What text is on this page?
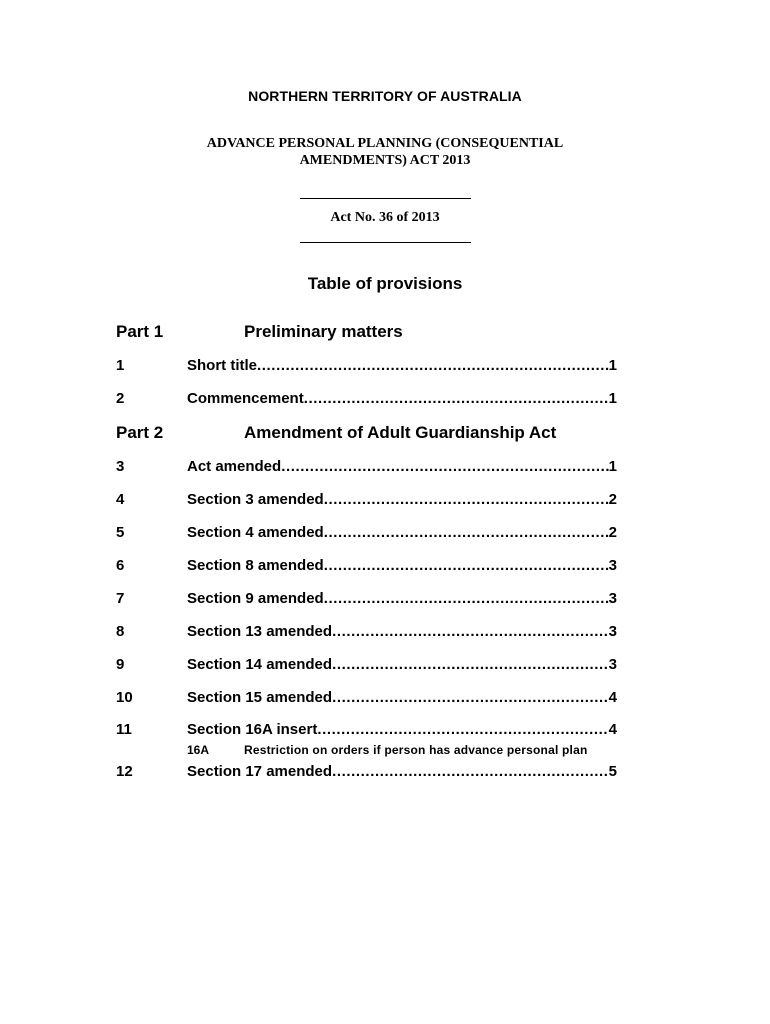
NORTHERN TERRITORY OF AUSTRALIA
ADVANCE PERSONAL PLANNING (CONSEQUENTIAL
AMENDMENTS) ACT 2013
Act No. 36 of 2013
Table of provisions
Part 1	Preliminary matters
1	Short title .....	1
2	Commencement .....	1
Part 2	Amendment of Adult Guardianship Act
3	Act amended .....	1
4	Section 3 amended .....	2
5	Section 4 amended .....	2
6	Section 8 amended .....	3
7	Section 9 amended .....	3
8	Section 13 amended .....	3
9	Section 14 amended .....	3
10	Section 15 amended .....	4
11	Section 16A insert .....	4
16A	Restriction on orders if person has advance personal plan
12	Section 17 amended .....	5
